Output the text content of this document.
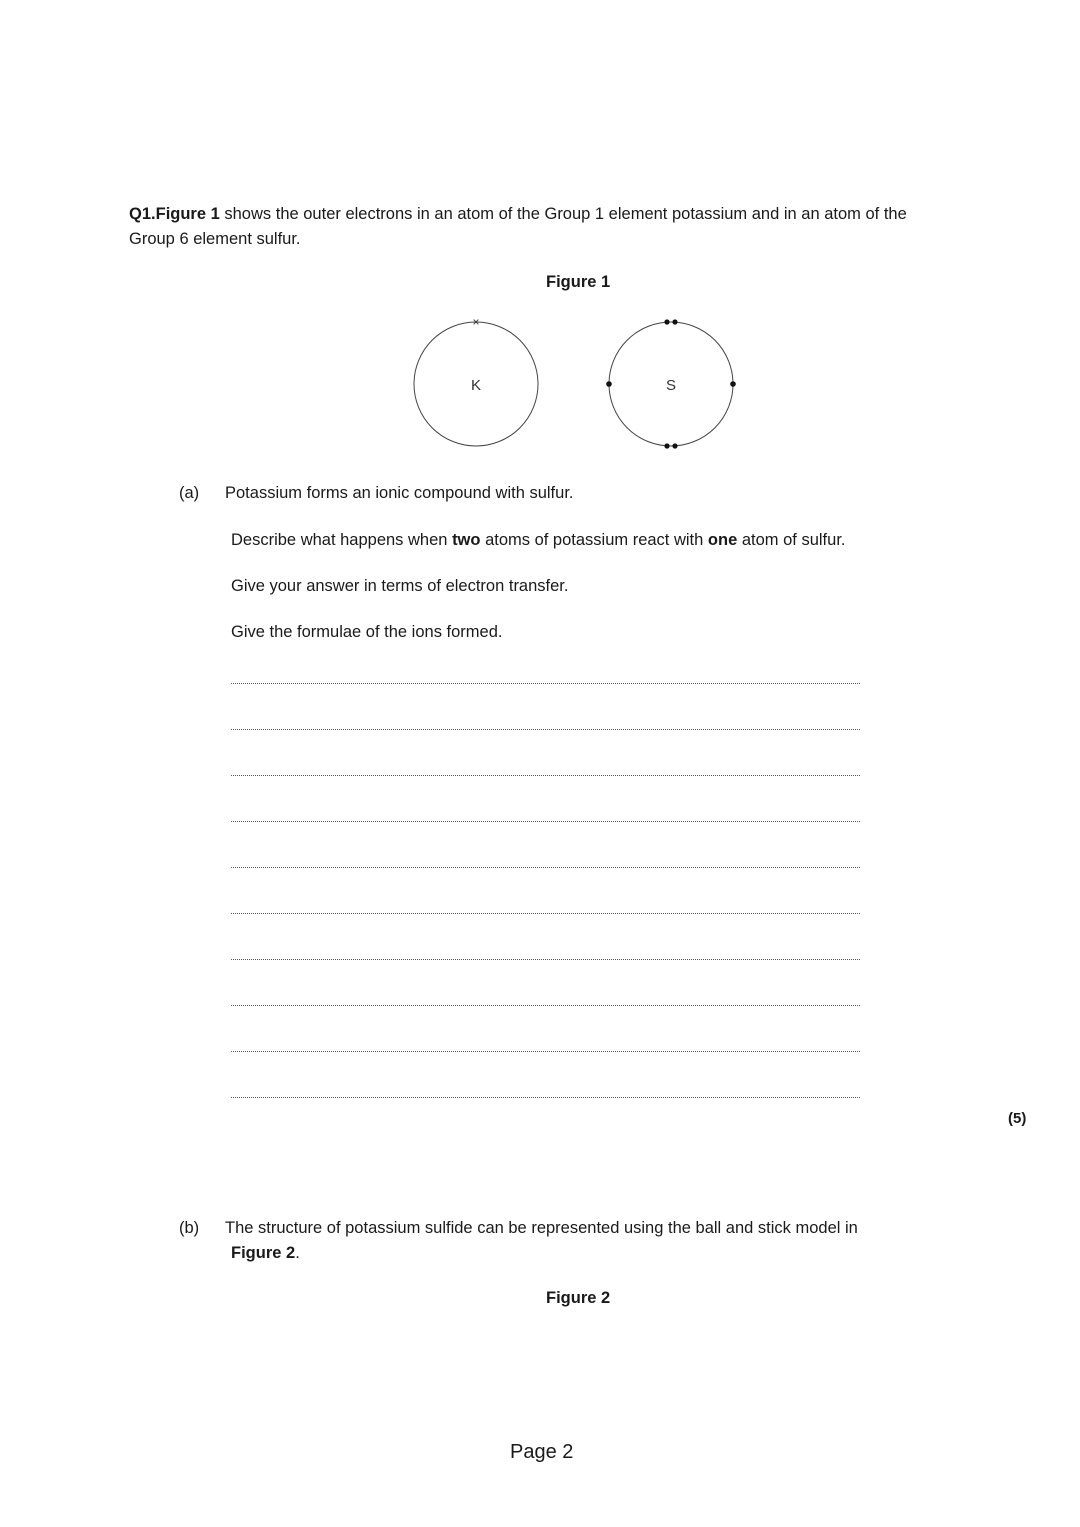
Q1.Figure 1 shows the outer electrons in an atom of the Group 1 element potassium and in an atom of the
Group 6 element sulfur.
Figure 1
K
×
S
(a) Potassium forms an ionic compound with sulfur.
Describe what happens when two atoms of potassium react with one atom of sulfur.
Give your answer in terms of electron transfer.
Give the formulae of the ions formed.
(5)
(b) The structure of potassium sulfide can be represented using the ball and stick model in
Figure 2.
Figure 2
Page 2
